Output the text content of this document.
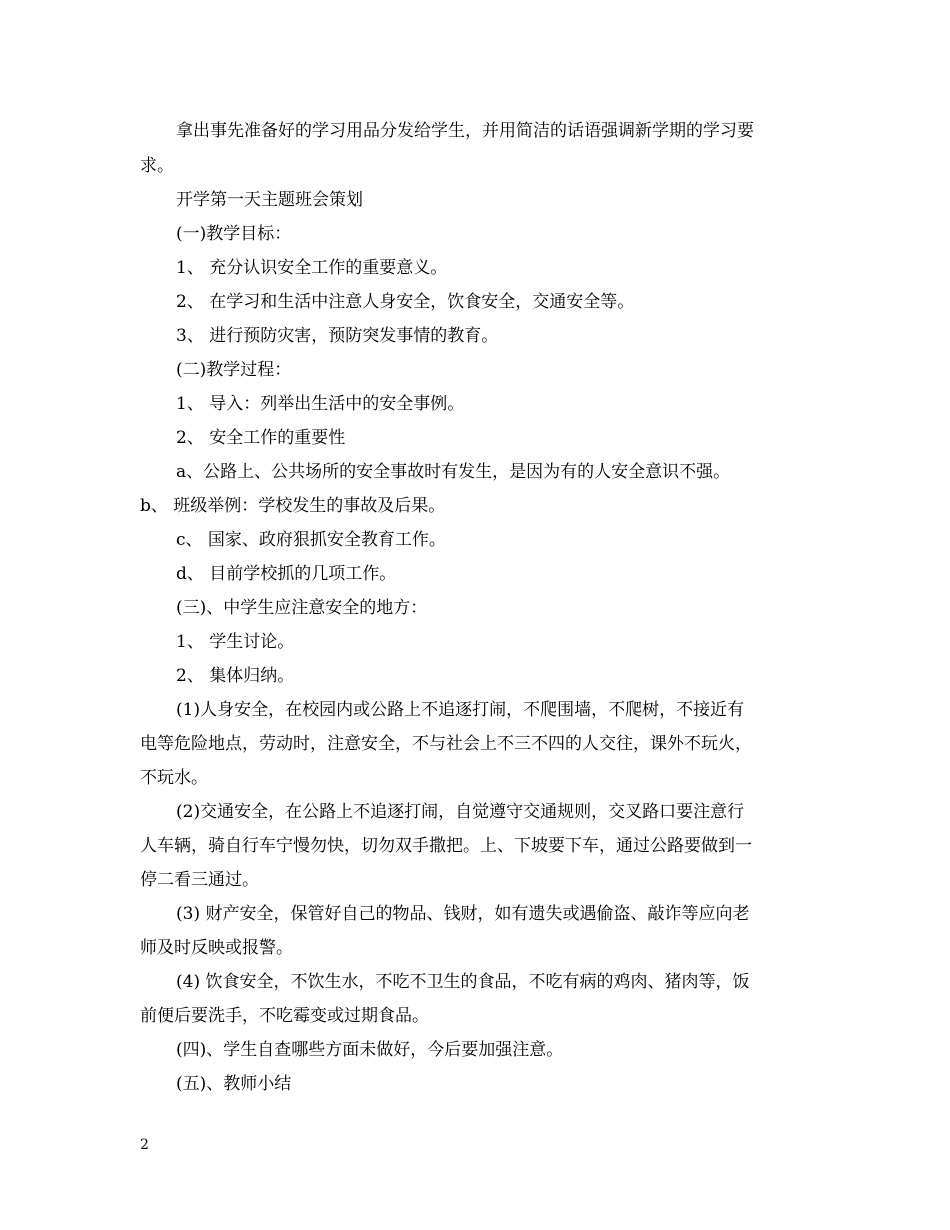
拿出事先准备好的学习用品分发给学生，并用简洁的话语强调新学期的学习要
求。
开学第一天主题班会策划
(一)教学目标：
1、 充分认识安全工作的重要意义。
2、 在学习和生活中注意人身安全，饮食安全，交通安全等。
3、 进行预防灾害，预防突发事情的教育。
(二)教学过程：
1、 导入：列举出生活中的安全事例。
2、 安全工作的重要性
a、公路上、公共场所的安全事故时有发生，是因为有的人安全意识不强。
b、 班级举例：学校发生的事故及后果。
c、 国家、政府狠抓安全教育工作。
d、 目前学校抓的几项工作。
(三)、中学生应注意安全的地方：
1、 学生讨论。
2、 集体归纳。
(1)人身安全，在校园内或公路上不追逐打闹，不爬围墙，不爬树，不接近有
电等危险地点，劳动时，注意安全，不与社会上不三不四的人交往，课外不玩火，
不玩水。
(2)交通安全，在公路上不追逐打闹，自觉遵守交通规则，交叉路口要注意行
人车辆，骑自行车宁慢勿快，切勿双手撒把。上、下坡要下车，通过公路要做到一
停二看三通过。
(3) 财产安全，保管好自己的物品、钱财，如有遗失或遇偷盗、敲诈等应向老
师及时反映或报警。
(4) 饮食安全，不饮生水，不吃不卫生的食品，不吃有病的鸡肉、猪肉等，饭
前便后要洗手，不吃霉变或过期食品。
(四)、学生自查哪些方面未做好，今后要加强注意。
(五)、教师小结
2
